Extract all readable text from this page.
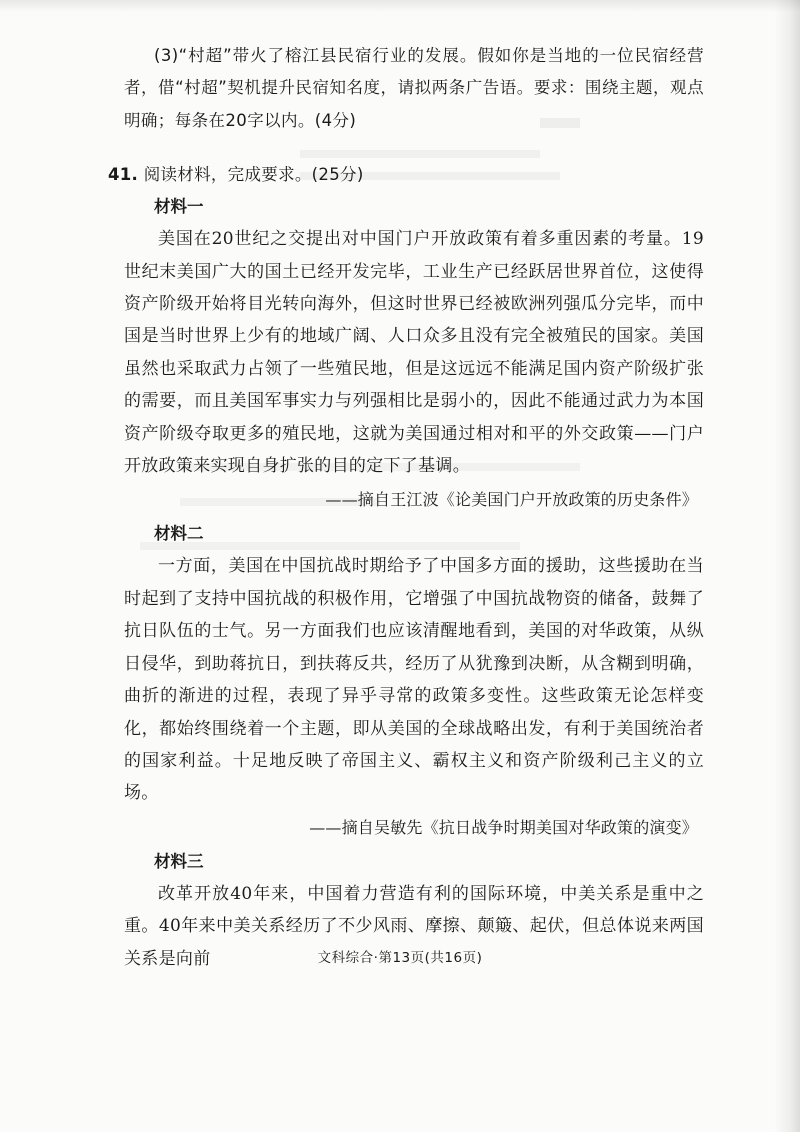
(3)“村超”带火了榕江县民宿行业的发展。假如你是当地的一位民宿经营者，借“村超”契机提升民宿知名度，请拟两条广告语。要求：围绕主题，观点明确；每条在20字以内。(4分)

41. 阅读材料，完成要求。(25分)

材料一

美国在20世纪之交提出对中国门户开放政策有着多重因素的考量。19世纪末美国广大的国土已经开发完毕，工业生产已经跃居世界首位，这使得资产阶级开始将目光转向海外，但这时世界已经被欧洲列强瓜分完毕，而中国是当时世界上少有的地域广阔、人口众多且没有完全被殖民的国家。美国虽然也采取武力占领了一些殖民地，但是这远远不能满足国内资产阶级扩张的需要，而且美国军事实力与列强相比是弱小的，因此不能通过武力为本国资产阶级夺取更多的殖民地，这就为美国通过相对和平的外交政策——门户开放政策来实现自身扩张的目的定下了基调。

——摘自王江波《论美国门户开放政策的历史条件》

材料二

一方面，美国在中国抗战时期给予了中国多方面的援助，这些援助在当时起到了支持中国抗战的积极作用，它增强了中国抗战物资的储备，鼓舞了抗日队伍的士气。另一方面我们也应该清醒地看到，美国的对华政策，从纵日侵华，到助蒋抗日，到扶蒋反共，经历了从犹豫到决断，从含糊到明确，曲折的渐进的过程，表现了异乎寻常的政策多变性。这些政策无论怎样变化，都始终围绕着一个主题，即从美国的全球战略出发，有利于美国统治者的国家利益。十足地反映了帝国主义、霸权主义和资产阶级利己主义的立场。

——摘自吴敏先《抗日战争时期美国对华政策的演变》

材料三

改革开放40年来，中国着力营造有利的国际环境，中美关系是重中之重。40年来中美关系经历了不少风雨、摩擦、颠簸、起伏，但总体说来两国关系是向前	文科综合·第13页(共16页)
